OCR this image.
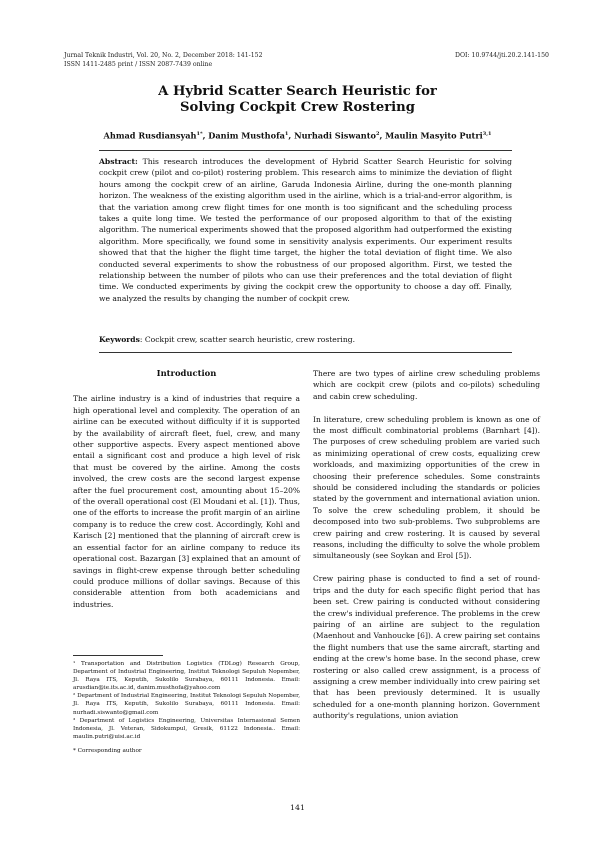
Jurnal Teknik Industri, Vol. 20, No. 2, December 2018: 141-152
ISSN 1411-2485 print / ISSN 2087-7439 online
DOI: 10.9744/jti.20.2.141-150
A Hybrid Scatter Search Heuristic for
Solving Cockpit Crew Rostering
Ahmad Rusdiansyah$^{1*}$, Danim Musthofa$^1$, Nurhadi Siswanto$^2$, Maulin Masyito Putri$^{3,1}$
Abstract: This research introduces the development of Hybrid Scatter Search Heuristic for solving cockpit crew (pilot and co-pilot) rostering problem. This research aims to minimize the deviation of flight hours among the cockpit crew of an airline, Garuda Indonesia Airline, during the one-month planning horizon. The weakness of the existing algorithm used in the airline, which is a trial-and-error algorithm, is that the variation among crew flight times for one month is too significant and the scheduling process takes a quite long time. We tested the performance of our proposed algorithm to that of the existing algorithm. The numerical experiments showed that the proposed algorithm had outperformed the existing algorithm. More specifically, we found some in sensitivity analysis experiments. Our experiment results showed that that the higher the flight time target, the higher the total deviation of flight time. We also conducted several experiments to show the robustness of our proposed algorithm. First, we tested the relationship between the number of pilots who can use their preferences and the total deviation of flight time. We conducted experiments by giving the cockpit crew the opportunity to choose a day off. Finally, we analyzed the results by changing the number of cockpit crew.
Keywords: Cockpit crew, scatter search heuristic, crew rostering.
Introduction

The airline industry is a kind of industries that require a high operational level and complexity. The operation of an airline can be executed without difficulty if it is supported by the availability of aircraft fleet, fuel, crew, and many other supportive aspects. Every aspect mentioned above entail a significant cost and produce a high level of risk that must be covered by the airline. Among the costs involved, the crew costs are the second largest expense after the fuel procurement cost, amounting about 15–20% of the overall operational cost (El Moudani et al. [1]). Thus, one of the efforts to increase the profit margin of an airline company is to reduce the crew cost. Accordingly, Kohl and Karisch [2] mentioned that the planning of aircraft crew is an essential factor for an airline company to reduce its operational cost. Bazargan [3] explained that an amount of savings in flight-crew expense through better scheduling could produce millions of dollar savings. Because of this considerable attention from both academicians and industries.

There are two types of airline crew scheduling problems which are cockpit crew (pilots and co-pilots) scheduling and cabin crew scheduling.

In literature, crew scheduling problem is known as one of the most difficult combinatorial problems (Barnhart [4]). The purposes of crew scheduling problem are varied such as minimizing operational of crew costs, equalizing crew workloads, and maximizing opportunities of the crew in choosing their preference schedules. Some constraints should be considered including the standards or policies stated by the government and international aviation union. To solve the crew scheduling problem, it should be decomposed into two sub-problems. Two subproblems are crew pairing and crew rostering. It is caused by several reasons, including the difficulty to solve the whole problem simultaneously (see Soykan and Erol [5]).

Crew pairing phase is conducted to find a set of round-trips and the duty for each specific flight period that has been set. Crew pairing is conducted without considering the crew's individual preference. The problems in the crew pairing of an airline are subject to the regulation (Maenhout and Vanhoucke [6]). A crew pairing set contains the flight numbers that use the same aircraft, starting and ending at the crew's home base. In the second phase, crew rostering or also called crew assignment, is a process of assigning a crew member individually into crew pairing set that has been previously determined. It is usually scheduled for a one-month planning horizon. Government authority's regulations, union aviation

¹ Transportation and Distribution Logistics (TDLog) Research Group, Department of Industrial Engineering, Institut Teknologi Sepuluh Nopember, Jl. Raya ITS, Keputih, Sukolilo Surabaya, 60111 Indonesia. Email: arusdian@ie.its.ac.id, danim.musthofa@yahoo.com

² Department of Industrial Engineering, Institut Teknologi Sepuluh Nopember, Jl. Raya ITS, Keputih, Sukolilo Surabaya, 60111 Indonesia. Email: nurhadi.siswanto@gmail.com

³ Department of Logistics Engineering, Universitas Internasional Semen Indonesia, Jl. Veteran, Sidokumpul, Gresik, 61122 Indonesia.. Email: maulin.putri@uisi.ac.id

* Corresponding author

141
